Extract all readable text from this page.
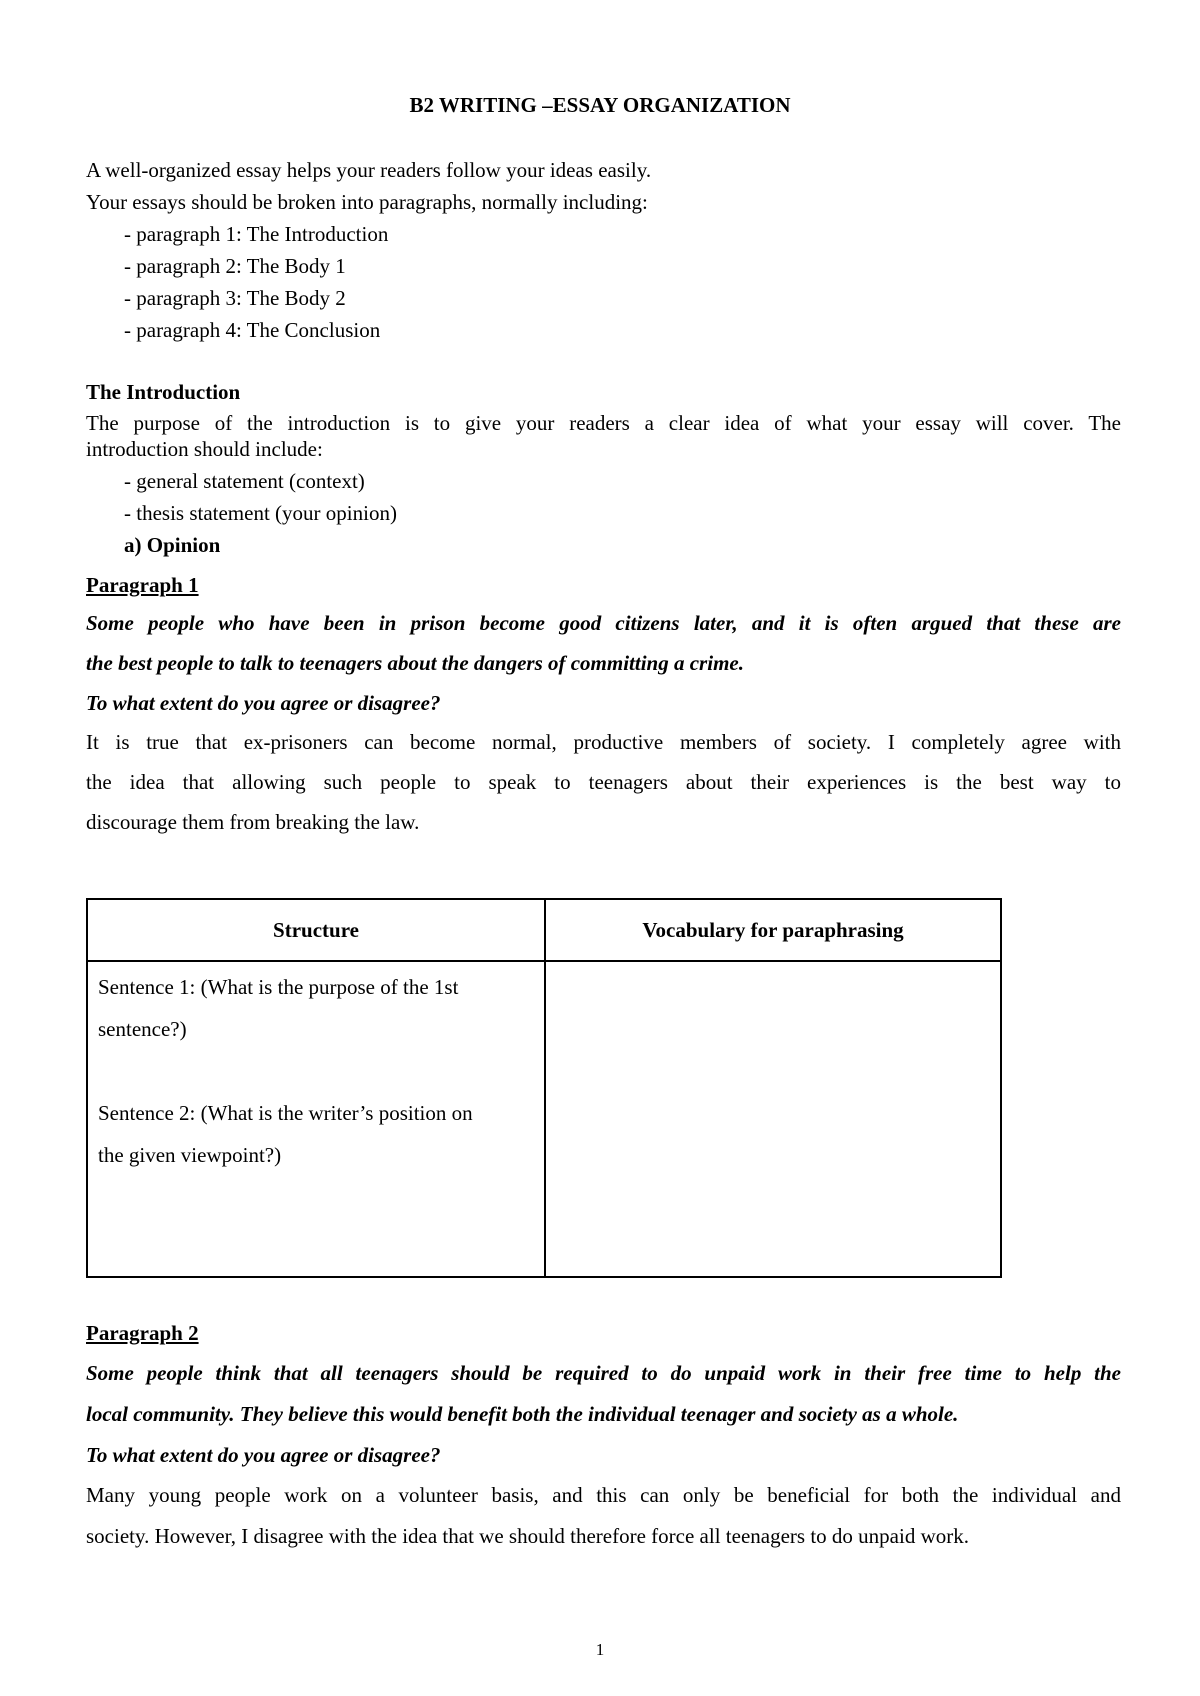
B2 WRITING –ESSAY ORGANIZATION
A well-organized essay helps your readers follow your ideas easily.
Your essays should be broken into paragraphs, normally including:
- paragraph 1: The Introduction
- paragraph 2: The Body 1
- paragraph 3: The Body 2
- paragraph 4: The Conclusion
The Introduction
The purpose of the introduction is to give your readers a clear idea of what your essay will cover. The
introduction should include:
- general statement (context)
- thesis statement (your opinion)
a) Opinion
Paragraph 1
Some people who have been in prison become good citizens later, and it is often argued that these are
the best people to talk to teenagers about the dangers of committing a crime.
To what extent do you agree or disagree?
It is true that ex-prisoners can become normal, productive members of society. I completely agree with
the idea that allowing such people to speak to teenagers about their experiences is the best way to
discourage them from breaking the law.
Structure	Vocabulary for paraphrasing

Sentence 1: (What is the purpose of the 1st
sentence?)
Sentence 2: (What is the writer’s position on
the given viewpoint?)	

Paragraph 2
Some people think that all teenagers should be required to do unpaid work in their free time to help the
local community. They believe this would benefit both the individual teenager and society as a whole.
To what extent do you agree or disagree?
Many young people work on a volunteer basis, and this can only be beneficial for both the individual and
society. However, I disagree with the idea that we should therefore force all teenagers to do unpaid work.
1
